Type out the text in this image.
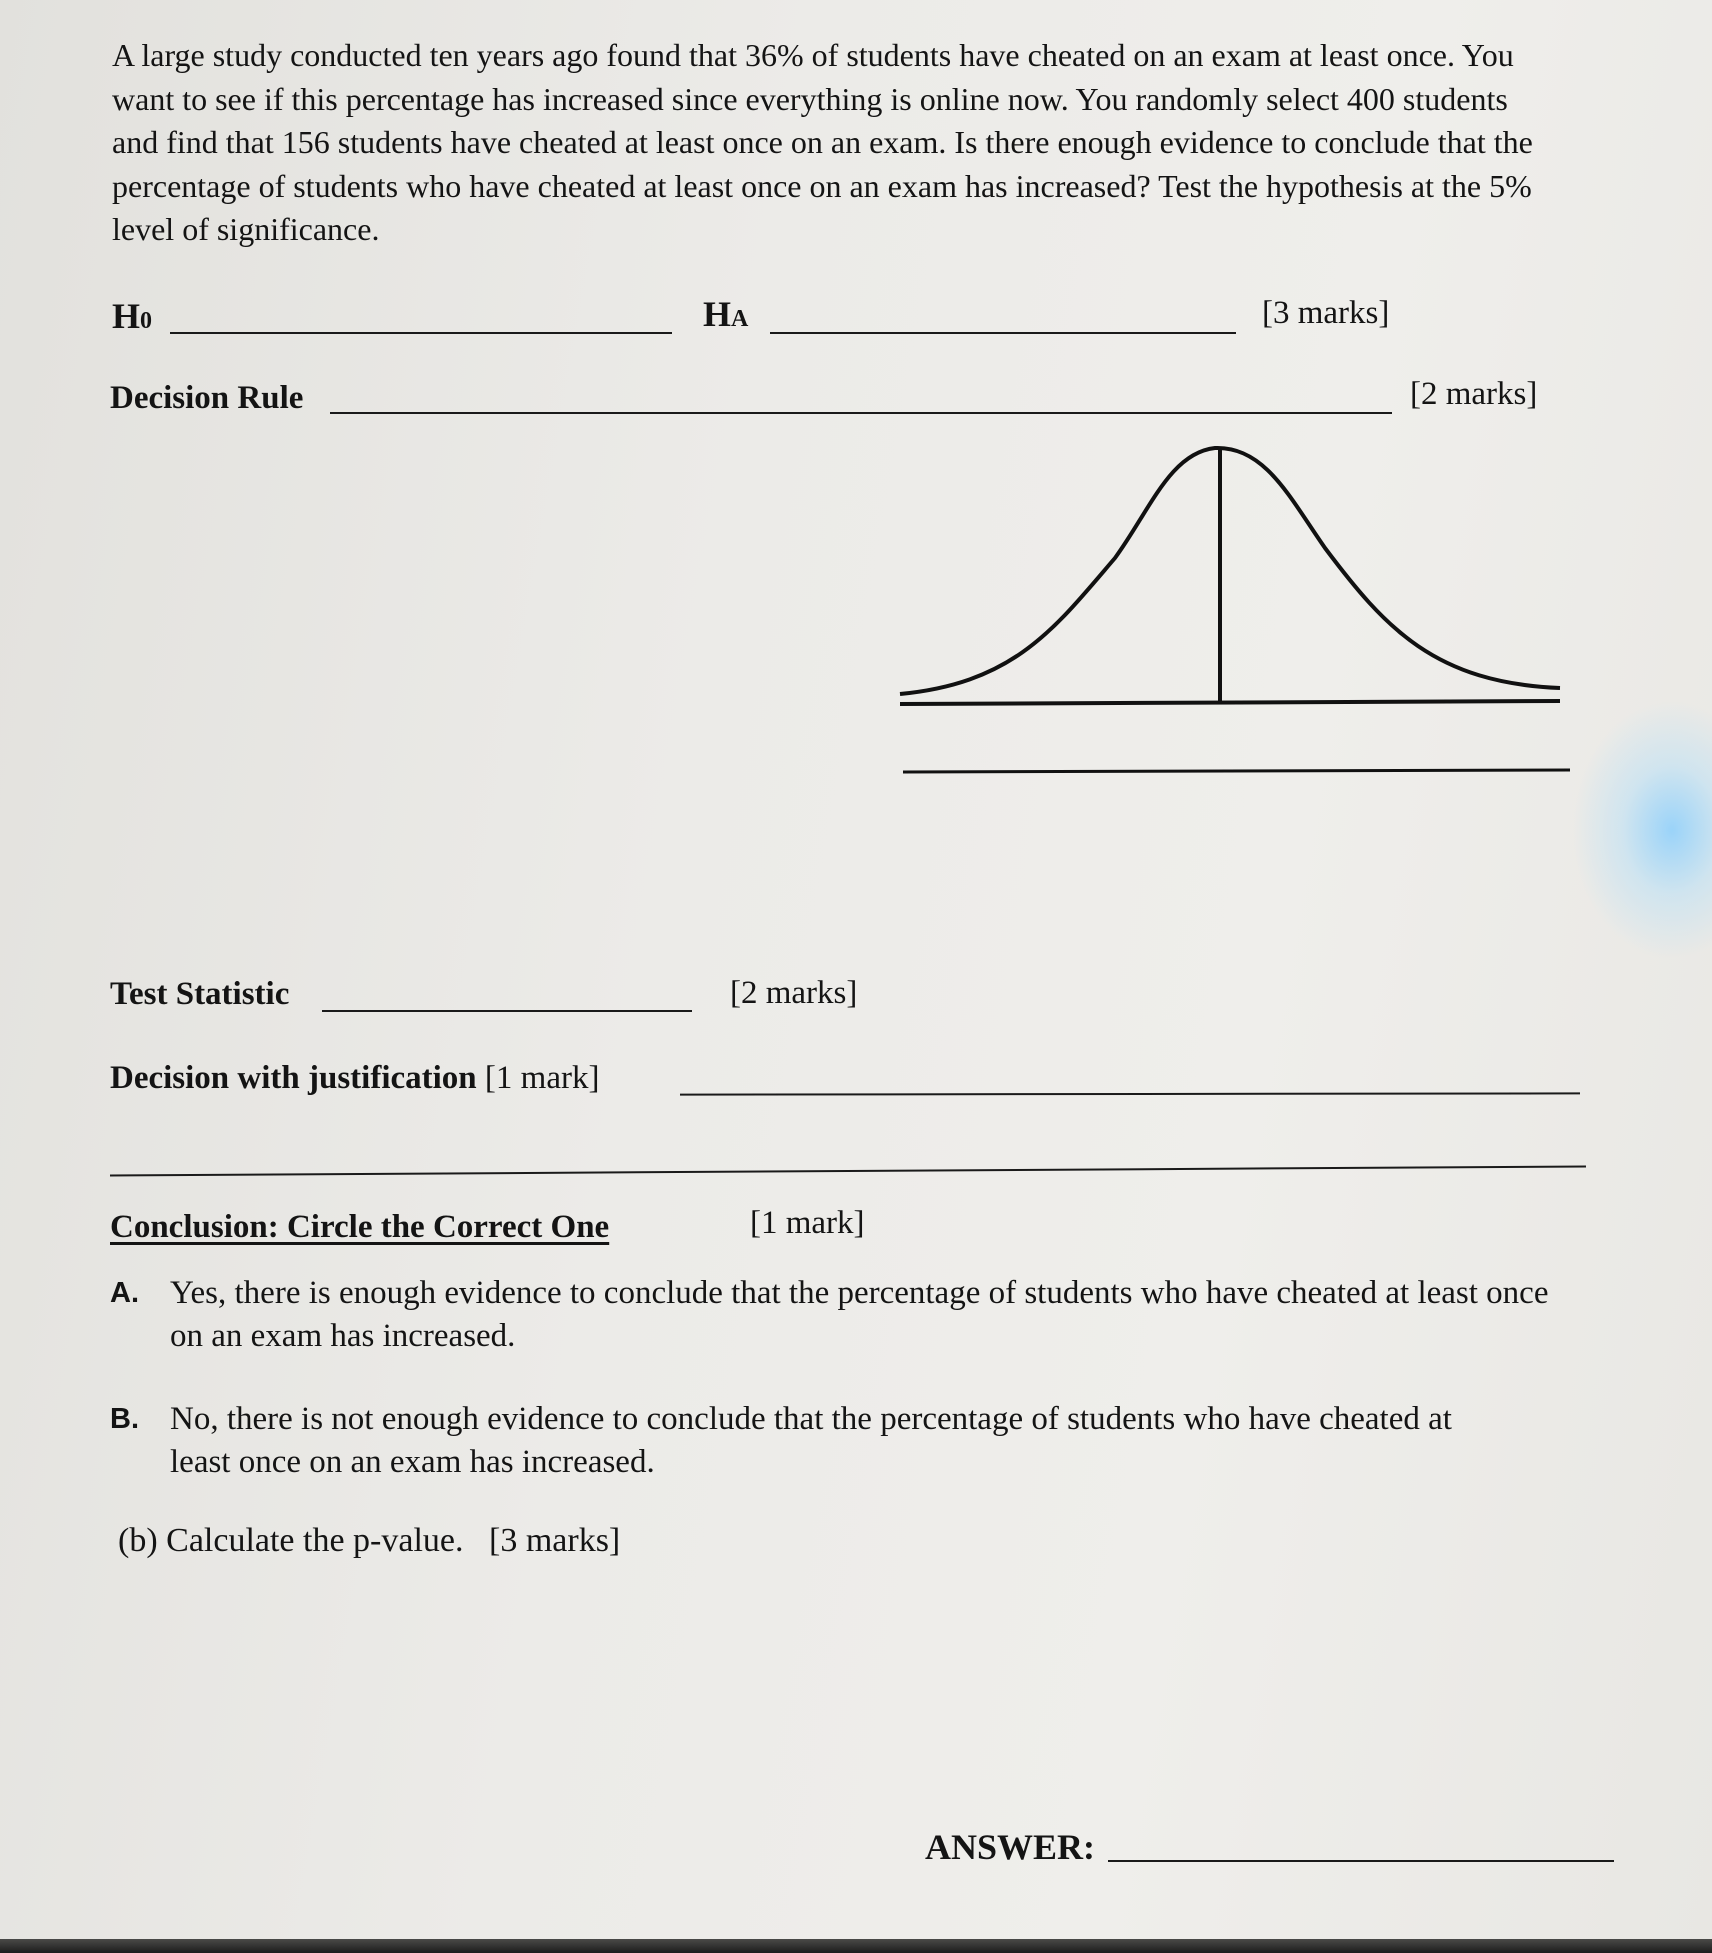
A large study conducted ten years ago found that 36% of students have cheated on an exam at least once. You want to see if this percentage has increased since everything is online now. You randomly select 400 students and find that 156 students have cheated at least once on an exam. Is there enough evidence to conclude that the percentage of students who have cheated at least once on an exam has increased? Test the hypothesis at the 5% level of significance.

H0	HA	[3 marks]
Decision Rule	[2 marks]
Test Statistic	[2 marks]
Decision with justification [1 mark]
Conclusion: Circle the Correct One	[1 mark]
A. Yes, there is enough evidence to conclude that the percentage of students who have cheated at least once on an exam has increased.
B. No, there is not enough evidence to conclude that the percentage of students who have cheated at least once on an exam has increased.
(b) Calculate the p-value. [3 marks]
ANSWER:
